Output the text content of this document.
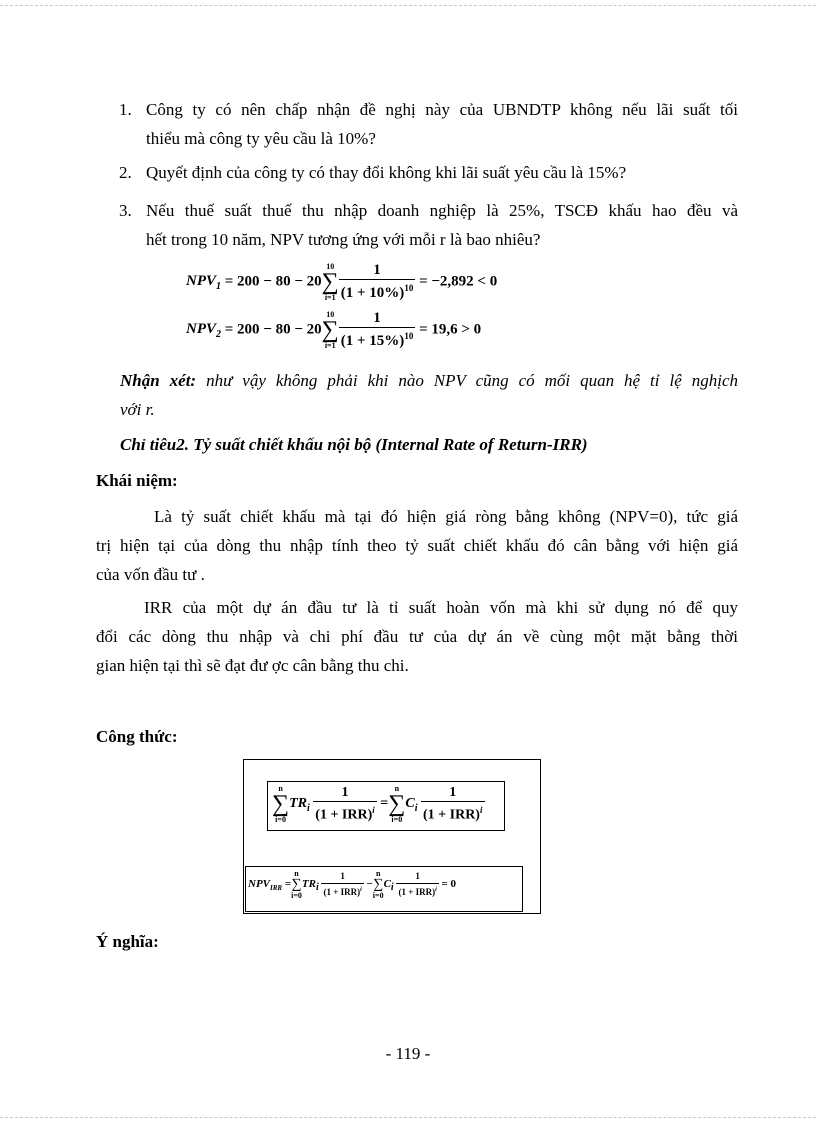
1. Công ty có nên chấp nhận đề nghị này của UBNDTP không nếu lãi suất tối
thiểu mà công ty yêu cầu là 10%?
2. Quyết định của công ty có thay đổi không khi lãi suất yêu cầu là 15%?
3. Nếu thuế suất thuế thu nhập doanh nghiệp là 25%, TSCĐ khấu hao đều và
hết trong 10 năm, NPV tương ứng với mỗi r là bao nhiêu?
$NPV_1 = 200 - 80 - 20$
10
∑
$i=1 \frac{1}{(1 + 10\%)^{10}} = -2,892 < 0$
$NPV_2 = 200 - 80 - 20$
10
∑
$i=1 \frac{1}{(1 + 15\%)^{10}} = 19,6 > 0$
Nhận xét: như vậy không phải khi nào NPV cũng có mối quan hệ tỉ lệ nghịch
với r.
Chỉ tiêu2. Tỷ suất chiết khấu nội bộ (Internal Rate of Return-IRR)
Khái niệm:
Là tỷ suất chiết khấu mà tại đó hiện giá ròng bằng không (NPV=0), tức giá
trị hiện tại của dòng thu nhập tính theo tỷ suất chiết khấu đó cân bằng với hiện giá
của vốn đầu tư .
IRR của một dự án đầu tư là tỉ suất hoàn vốn mà khi sử dụng nó để quy
đổi các dòng thu nhập và chi phí đầu tư của dự án về cùng một mặt bằng thời
gian hiện tại thì sẽ đạt đư ợc cân bằng thu chi.
Công thức:
n
∑
i=0
$TR_i \frac{1}{(1 + IRR)^i}$ =
n
∑
i=0
$C_i \frac{1}{(1 + IRR)^i}$
$NPV_{IRR}$ =
n
∑
i=0
$TR_i \frac{1}{(1 + IRR)^i}$ −
n
∑
i=0
$C_i \frac{1}{(1 + IRR)^i} = 0$
Ý nghĩa:
- 119 -
